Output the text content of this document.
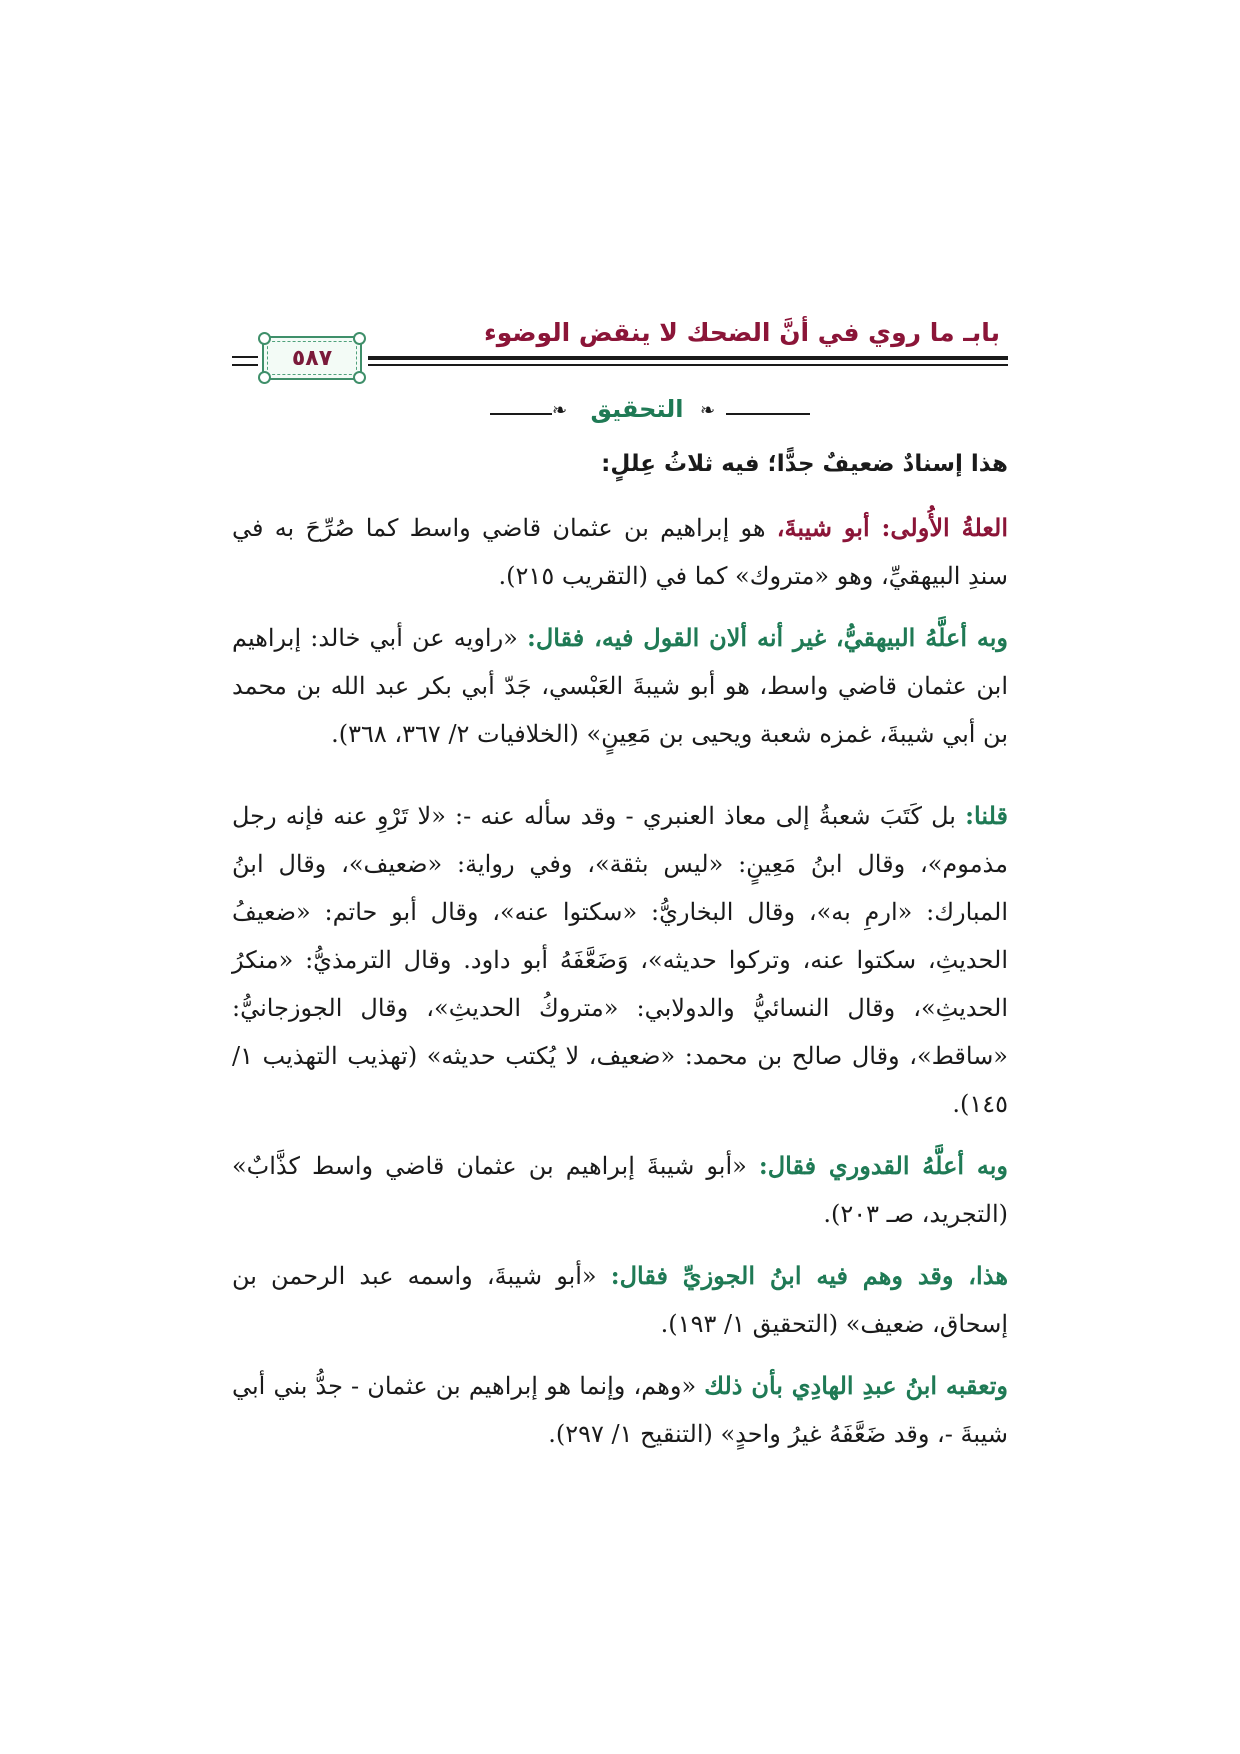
بابـ ما روي في أنَّ الضحك لا ينقض الوضوء
٥٨٧
❧ التحقيق ❧

هذا إسنادٌ ضعيفٌ جدًّا؛ فيه ثلاثُ عِللٍ:

العلةُ الأُولى: أبو شيبةَ، هو إبراهيم بن عثمان قاضي واسط كما صُرِّحَ به في سندِ البيهقيِّ، وهو «متروك» كما في (التقريب ٢١٥).

وبه أعلَّهُ البيهقيُّ، غير أنه ألان القول فيه، فقال: «راويه عن أبي خالد: إبراهيم ابن عثمان قاضي واسط، هو أبو شيبةَ العَبْسي، جَدّ أبي بكر عبد الله بن محمد بن أبي شيبةَ، غمزه شعبة ويحيى بن مَعِينٍ» (الخلافيات ٢/ ٣٦٧، ٣٦٨).

قلنا: بل كَتَبَ شعبةُ إلى معاذ العنبري - وقد سأله عنه -: «لا تَرْوِ عنه فإنه رجل مذموم»، وقال ابنُ مَعِينٍ: «ليس بثقة»، وفي رواية: «ضعيف»، وقال ابنُ المبارك: «ارمِ به»، وقال البخاريُّ: «سكتوا عنه»، وقال أبو حاتم: «ضعيفُ الحديثِ، سكتوا عنه، وتركوا حديثه»، وَضَعَّفَهُ أبو داود. وقال الترمذيُّ: «منكرُ الحديثِ»، وقال النسائيُّ والدولابي: «متروكُ الحديثِ»، وقال الجوزجانيُّ: «ساقط»، وقال صالح بن محمد: «ضعيف، لا يُكتب حديثه» (تهذيب التهذيب ١/ ١٤٥).

وبه أعلَّهُ القدوري فقال: «أبو شيبةَ إبراهيم بن عثمان قاضي واسط كذَّابٌ» (التجريد، صـ ٢٠٣).

هذا، وقد وهم فيه ابنُ الجوزيِّ فقال: «أبو شيبةَ، واسمه عبد الرحمن بن إسحاق، ضعيف» (التحقيق ١/ ١٩٣).

وتعقبه ابنُ عبدِ الهادِي بأن ذلك «وهم، وإنما هو إبراهيم بن عثمان - جدُّ بني أبي شيبةَ -، وقد ضَعَّفَهُ غيرُ واحدٍ» (التنقيح ١/ ٢٩٧).
